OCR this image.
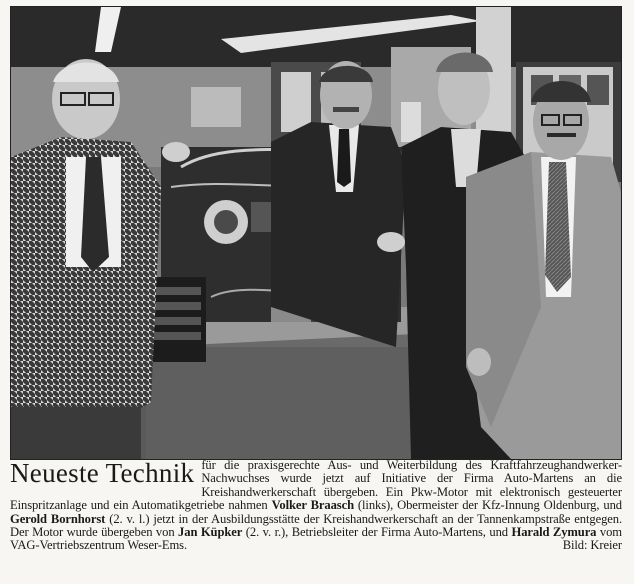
Neueste Technik für die praxisgerechte Aus- und Weiterbildung des Kraftfahrzeughandwerker-Nachwuchses wurde jetzt auf Initiative der Firma Auto-Martens an die Kreishandwerkerschaft übergeben. Ein Pkw-Motor mit elektronisch gesteuerter Einspritzanlage und ein Automatikgetriebe nahmen Volker Braasch (links), Obermeister der Kfz-Innung Oldenburg, und Gerold Bornhorst (2. v. l.) jetzt in der Ausbildungsstätte der Kreishandwerkerschaft an der Tannenkampstraße entgegen. Der Motor wurde übergeben von Jan Küpker (2. v. r.), Betriebsleiter der Firma Auto-Martens, und Harald Zymura vom VAG-Vertriebszentrum Weser-Ems.	Bild: Kreier
